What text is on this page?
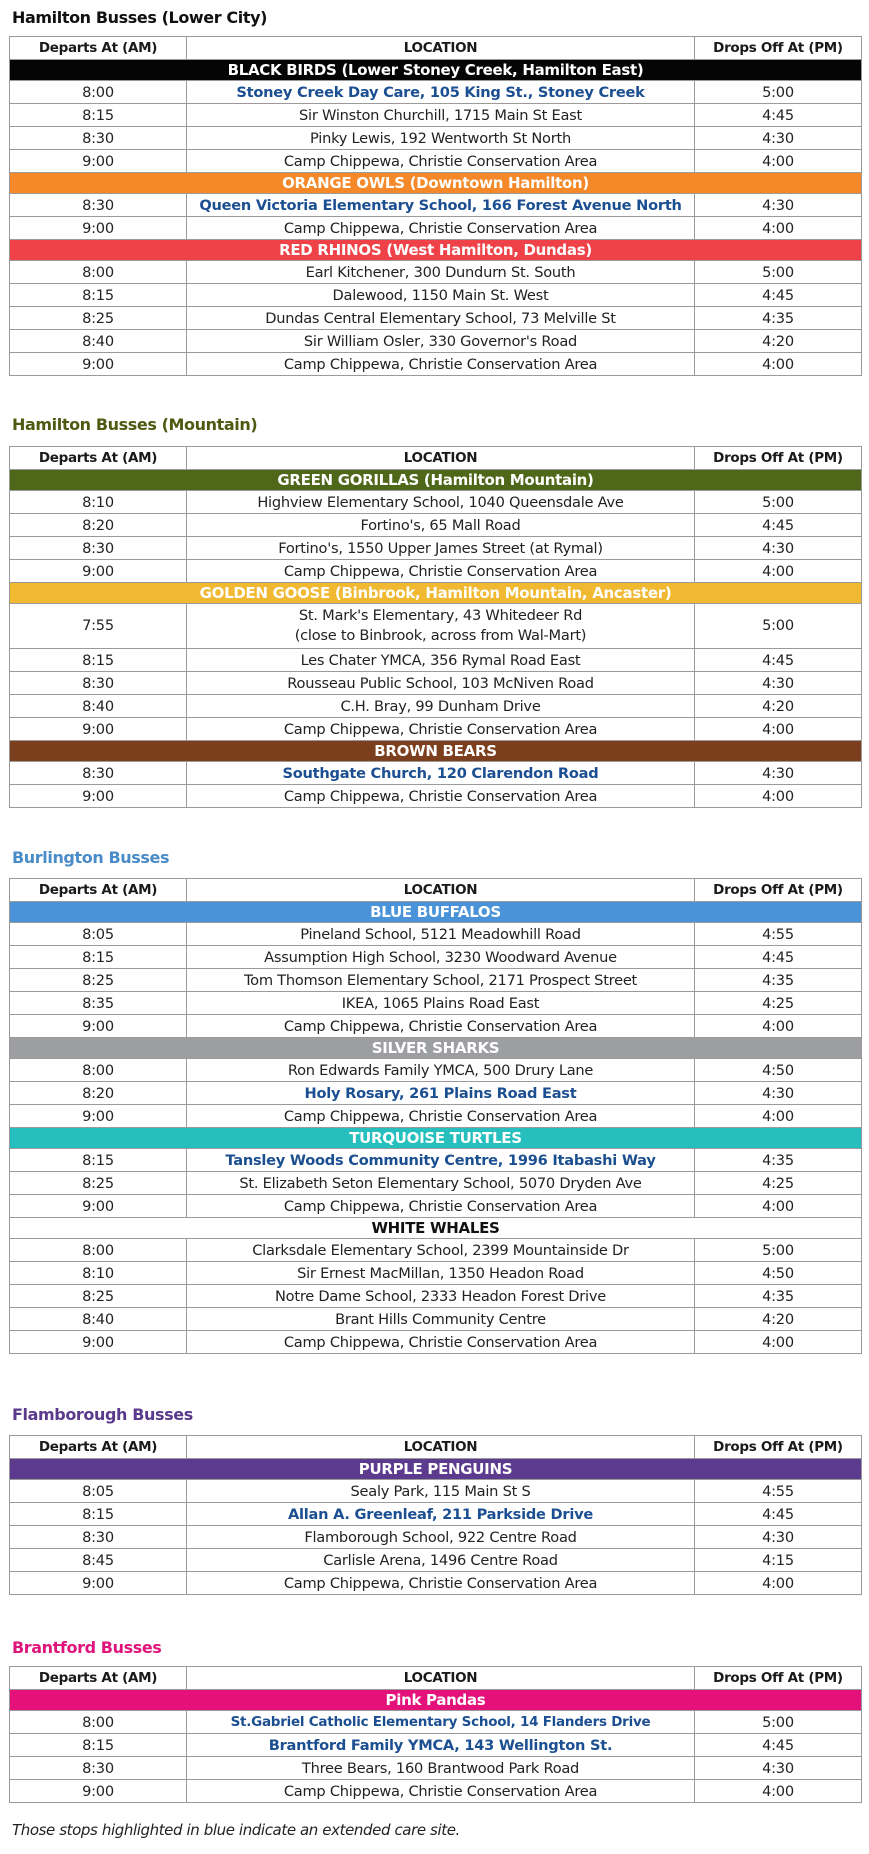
Hamilton Busses (Lower City)
Departs At (AM)	LOCATION	Drops Off At (PM)
BLACK BIRDS (Lower Stoney Creek, Hamilton East)		
8:00	Stoney Creek Day Care, 105 King St., Stoney Creek	5:00
8:15	Sir Winston Churchill, 1715 Main St East	4:45
8:30	Pinky Lewis, 192 Wentworth St North	4:30
9:00	Camp Chippewa, Christie Conservation Area	4:00
ORANGE OWLS (Downtown Hamilton)		
8:30	Queen Victoria Elementary School, 166 Forest Avenue North	4:30
9:00	Camp Chippewa, Christie Conservation Area	4:00
RED RHINOS (West Hamilton, Dundas)		
8:00	Earl Kitchener, 300 Dundurn St. South	5:00
8:15	Dalewood, 1150 Main St. West	4:45
8:25	Dundas Central Elementary School, 73 Melville St	4:35
8:40	Sir William Osler, 330 Governor's Road	4:20
9:00	Camp Chippewa, Christie Conservation Area	4:00
Hamilton Busses (Mountain)
Departs At (AM)	LOCATION	Drops Off At (PM)
GREEN GORILLAS (Hamilton Mountain)		
8:10	Highview Elementary School, 1040 Queensdale Ave	5:00
8:20	Fortino's, 65 Mall Road	4:45
8:30	Fortino's, 1550 Upper James Street (at Rymal)	4:30
9:00	Camp Chippewa, Christie Conservation Area	4:00
GOLDEN GOOSE (Binbrook, Hamilton Mountain, Ancaster)		
7:55	St. Mark's Elementary, 43 Whitedeer Rd
(close to Binbrook, across from Wal-Mart)	5:00
8:15	Les Chater YMCA, 356 Rymal Road East	4:45
8:30	Rousseau Public School, 103 McNiven Road	4:30
8:40	C.H. Bray, 99 Dunham Drive	4:20
9:00	Camp Chippewa, Christie Conservation Area	4:00
BROWN BEARS		
8:30	Southgate Church, 120 Clarendon Road	4:30
9:00	Camp Chippewa, Christie Conservation Area	4:00
Burlington Busses
Departs At (AM)	LOCATION	Drops Off At (PM)
BLUE BUFFALOS		
8:05	Pineland School, 5121 Meadowhill Road	4:55
8:15	Assumption High School, 3230 Woodward Avenue	4:45
8:25	Tom Thomson Elementary School, 2171 Prospect Street	4:35
8:35	IKEA, 1065 Plains Road East	4:25
9:00	Camp Chippewa, Christie Conservation Area	4:00
SILVER SHARKS		
8:00	Ron Edwards Family YMCA, 500 Drury Lane	4:50
8:20	Holy Rosary, 261 Plains Road East	4:30
9:00	Camp Chippewa, Christie Conservation Area	4:00
TURQUOISE TURTLES		
8:15	Tansley Woods Community Centre, 1996 Itabashi Way	4:35
8:25	St. Elizabeth Seton Elementary School, 5070 Dryden Ave	4:25
9:00	Camp Chippewa, Christie Conservation Area	4:00
WHITE WHALES		
8:00	Clarksdale Elementary School, 2399 Mountainside Dr	5:00
8:10	Sir Ernest MacMillan, 1350 Headon Road	4:50
8:25	Notre Dame School, 2333 Headon Forest Drive	4:35
8:40	Brant Hills Community Centre	4:20
9:00	Camp Chippewa, Christie Conservation Area	4:00
Flamborough Busses
Departs At (AM)	LOCATION	Drops Off At (PM)
PURPLE PENGUINS		
8:05	Sealy Park, 115 Main St S	4:55
8:15	Allan A. Greenleaf, 211 Parkside Drive	4:45
8:30	Flamborough School, 922 Centre Road	4:30
8:45	Carlisle Arena, 1496 Centre Road	4:15
9:00	Camp Chippewa, Christie Conservation Area	4:00
Brantford Busses
Departs At (AM)	LOCATION	Drops Off At (PM)
Pink Pandas		
8:00	St.Gabriel Catholic Elementary School, 14 Flanders Drive	5:00
8:15	Brantford Family YMCA, 143 Wellington St.	4:45
8:30	Three Bears, 160 Brantwood Park Road	4:30
9:00	Camp Chippewa, Christie Conservation Area	4:00
Those stops highlighted in blue indicate an extended care site.
